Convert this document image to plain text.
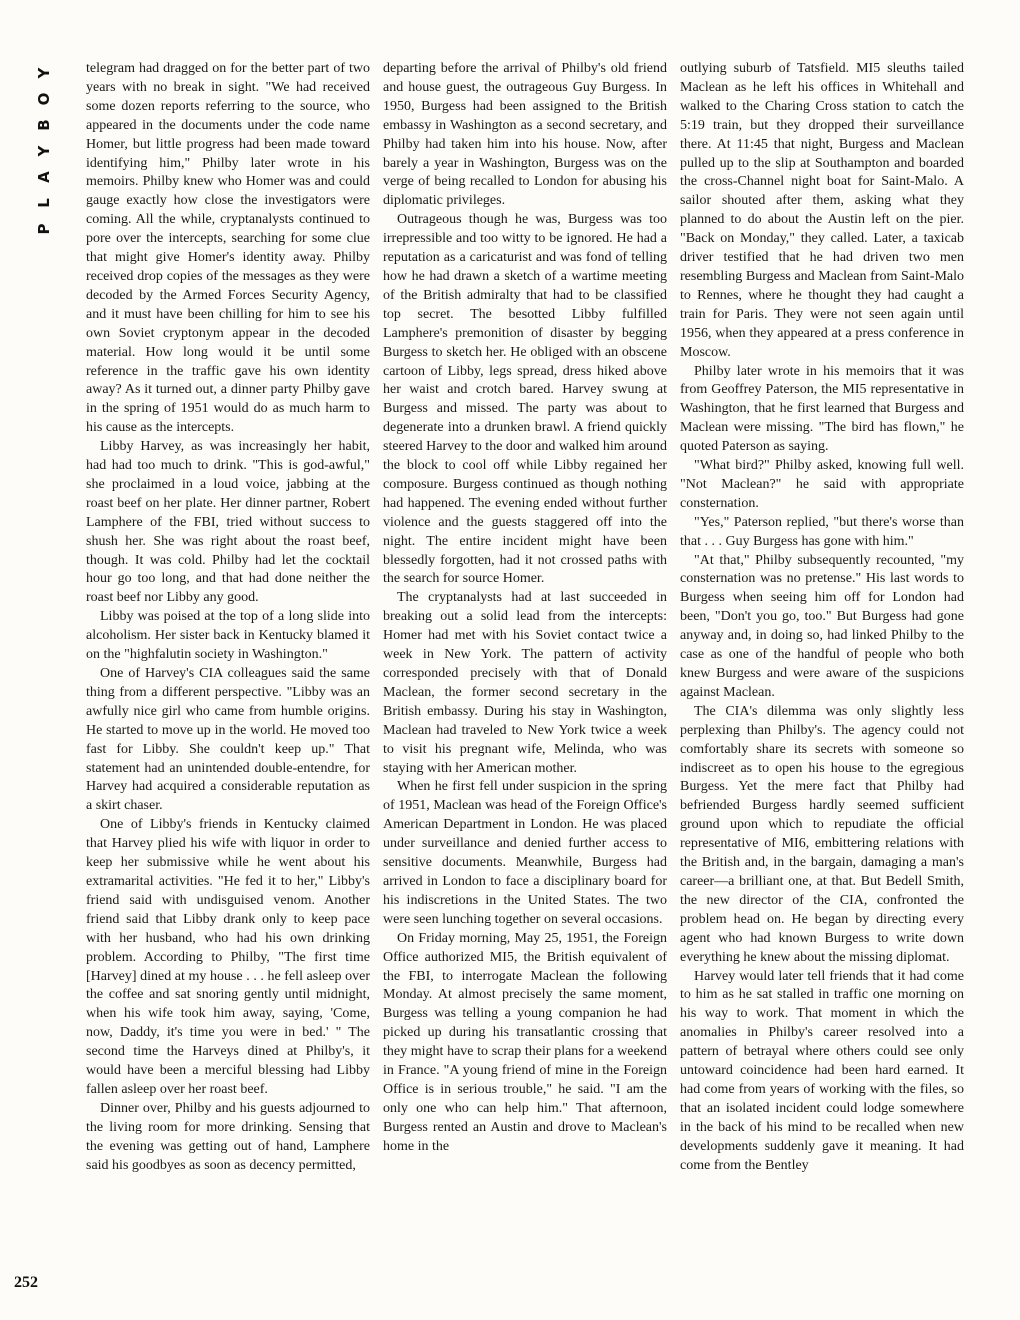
Y
O
B
Y
A
L
P
252

telegram had dragged on for the better part of two years with no break in sight. "We had received some dozen reports referring to the source, who appeared in the documents under the code name Homer, but little progress had been made toward identifying him," Philby later wrote in his memoirs. Philby knew who Homer was and could gauge exactly how close the investigators were coming. All the while, cryptanalysts continued to pore over the intercepts, searching for some clue that might give Homer's identity away. Philby received drop copies of the messages as they were decoded by the Armed Forces Security Agency, and it must have been chilling for him to see his own Soviet cryptonym appear in the decoded material. How long would it be until some reference in the traffic gave his own identity away? As it turned out, a dinner party Philby gave in the spring of 1951 would do as much harm to his cause as the intercepts.

Libby Harvey, as was increasingly her habit, had had too much to drink. "This is god-awful," she proclaimed in a loud voice, jabbing at the roast beef on her plate. Her dinner partner, Robert Lamphere of the FBI, tried without success to shush her. She was right about the roast beef, though. It was cold. Philby had let the cocktail hour go too long, and that had done neither the roast beef nor Libby any good.

Libby was poised at the top of a long slide into alcoholism. Her sister back in Kentucky blamed it on the "highfalutin society in Washington."

One of Harvey's CIA colleagues said the same thing from a different perspective. "Libby was an awfully nice girl who came from humble origins. He started to move up in the world. He moved too fast for Libby. She couldn't keep up." That statement had an unintended double-entendre, for Harvey had acquired a considerable reputation as a skirt chaser.

One of Libby's friends in Kentucky claimed that Harvey plied his wife with liquor in order to keep her submissive while he went about his extramarital activities. "He fed it to her," Libby's friend said with undisguised venom. Another friend said that Libby drank only to keep pace with her husband, who had his own drinking problem. According to Philby, "The first time [Harvey] dined at my house . . . he fell asleep over the coffee and sat snoring gently until midnight, when his wife took him away, saying, 'Come, now, Daddy, it's time you were in bed.' " The second time the Harveys dined at Philby's, it would have been a merciful blessing had Libby fallen asleep over her roast beef.

Dinner over, Philby and his guests adjourned to the living room for more drinking. Sensing that the evening was getting out of hand, Lamphere said his goodbyes as soon as decency permitted,

departing before the arrival of Philby's old friend and house guest, the outrageous Guy Burgess. In 1950, Burgess had been assigned to the British embassy in Washington as a second secretary, and Philby had taken him into his house. Now, after barely a year in Washington, Burgess was on the verge of being recalled to London for abusing his diplomatic privileges.

Outrageous though he was, Burgess was too irrepressible and too witty to be ignored. He had a reputation as a caricaturist and was fond of telling how he had drawn a sketch of a wartime meeting of the British admiralty that had to be classified top secret. The besotted Libby fulfilled Lamphere's premonition of disaster by begging Burgess to sketch her. He obliged with an obscene cartoon of Libby, legs spread, dress hiked above her waist and crotch bared. Harvey swung at Burgess and missed. The party was about to degenerate into a drunken brawl. A friend quickly steered Harvey to the door and walked him around the block to cool off while Libby regained her composure. Burgess continued as though nothing had happened. The evening ended without further violence and the guests staggered off into the night. The entire incident might have been blessedly forgotten, had it not crossed paths with the search for source Homer.

The cryptanalysts had at last succeeded in breaking out a solid lead from the intercepts: Homer had met with his Soviet contact twice a week in New York. The pattern of activity corresponded precisely with that of Donald Maclean, the former second secretary in the British embassy. During his stay in Washington, Maclean had traveled to New York twice a week to visit his pregnant wife, Melinda, who was staying with her American mother.

When he first fell under suspicion in the spring of 1951, Maclean was head of the Foreign Office's American Department in London. He was placed under surveillance and denied further access to sensitive documents. Meanwhile, Burgess had arrived in London to face a disciplinary board for his indiscretions in the United States. The two were seen lunching together on several occasions.

On Friday morning, May 25, 1951, the Foreign Office authorized MI5, the British equivalent of the FBI, to interrogate Maclean the following Monday. At almost precisely the same moment, Burgess was telling a young companion he had picked up during his transatlantic crossing that they might have to scrap their plans for a weekend in France. "A young friend of mine in the Foreign Office is in serious trouble," he said. "I am the only one who can help him." That afternoon, Burgess rented an Austin and drove to Maclean's home in the

outlying suburb of Tatsfield. MI5 sleuths tailed Maclean as he left his offices in Whitehall and walked to the Charing Cross station to catch the 5:19 train, but they dropped their surveillance there. At 11:45 that night, Burgess and Maclean pulled up to the slip at Southampton and boarded the cross-Channel night boat for Saint-Malo. A sailor shouted after them, asking what they planned to do about the Austin left on the pier. "Back on Monday," they called. Later, a taxicab driver testified that he had driven two men resembling Burgess and Maclean from Saint-Malo to Rennes, where he thought they had caught a train for Paris. They were not seen again until 1956, when they appeared at a press conference in Moscow.

Philby later wrote in his memoirs that it was from Geoffrey Paterson, the MI5 representative in Washington, that he first learned that Burgess and Maclean were missing. "The bird has flown," he quoted Paterson as saying.

"What bird?" Philby asked, knowing full well. "Not Maclean?" he said with appropriate consternation.

"Yes," Paterson replied, "but there's worse than that . . . Guy Burgess has gone with him."

"At that," Philby subsequently recounted, "my consternation was no pretense." His last words to Burgess when seeing him off for London had been, "Don't you go, too." But Burgess had gone anyway and, in doing so, had linked Philby to the case as one of the handful of people who both knew Burgess and were aware of the suspicions against Maclean.

The CIA's dilemma was only slightly less perplexing than Philby's. The agency could not comfortably share its secrets with someone so indiscreet as to open his house to the egregious Burgess. Yet the mere fact that Philby had befriended Burgess hardly seemed sufficient ground upon which to repudiate the official representative of MI6, embittering relations with the British and, in the bargain, damaging a man's career—a brilliant one, at that. But Bedell Smith, the new director of the CIA, confronted the problem head on. He began by directing every agent who had known Burgess to write down everything he knew about the missing diplomat.

Harvey would later tell friends that it had come to him as he sat stalled in traffic one morning on his way to work. That moment in which the anomalies in Philby's career resolved into a pattern of betrayal where others could see only untoward coincidence had been hard earned. It had come from years of working with the files, so that an isolated incident could lodge somewhere in the back of his mind to be recalled when new developments suddenly gave it meaning. It had come from the Bentley
